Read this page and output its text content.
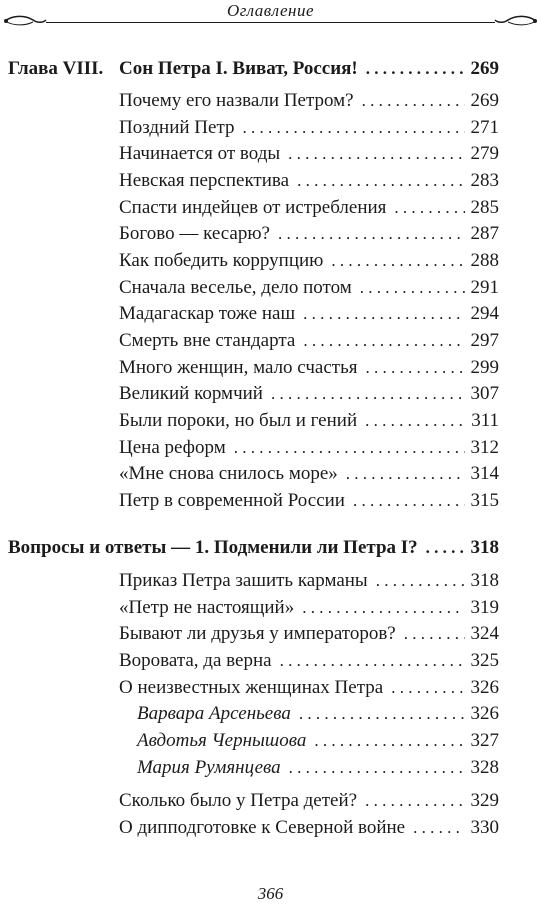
Оглавление
Глава VIII. Сон Петра I. Виват, Россия! . . .	269
Почему его назвали Петром? . . .	269
Поздний Петр . . .	271
Начинается от воды . . .	279
Невская перспектива . . .	283
Спасти индейцев от истребления . . .	285
Богово — кесарю? . . .	287
Как победить коррупцию . . .	288
Сначала веселье, дело потом . . .	291
Мадагаскар тоже наш . . .	294
Смерть вне стандарта . . .	297
Много женщин, мало счастья . . .	299
Великий кормчий . . .	307
Были пороки, но был и гений . . .	311
Цена реформ . . .	312
«Мне снова снилось море» . . .	314
Петр в современной России . . .	315
Вопросы и ответы — 1. Подменили ли Петра I? . . .	318
Приказ Петра зашить карманы . . .	318
«Петр не настоящий» . . .	319
Бывают ли друзья у императоров? . . .	324
Воровата, да верна . . .	325
О неизвестных женщинах Петра . . .	326
Варвара Арсеньева . . .	326
Авдотья Чернышова . . .	327
Мария Румянцева . . .	328
Сколько было у Петра детей? . . .	329
О дипподготовке к Северной войне . . .	330
366
